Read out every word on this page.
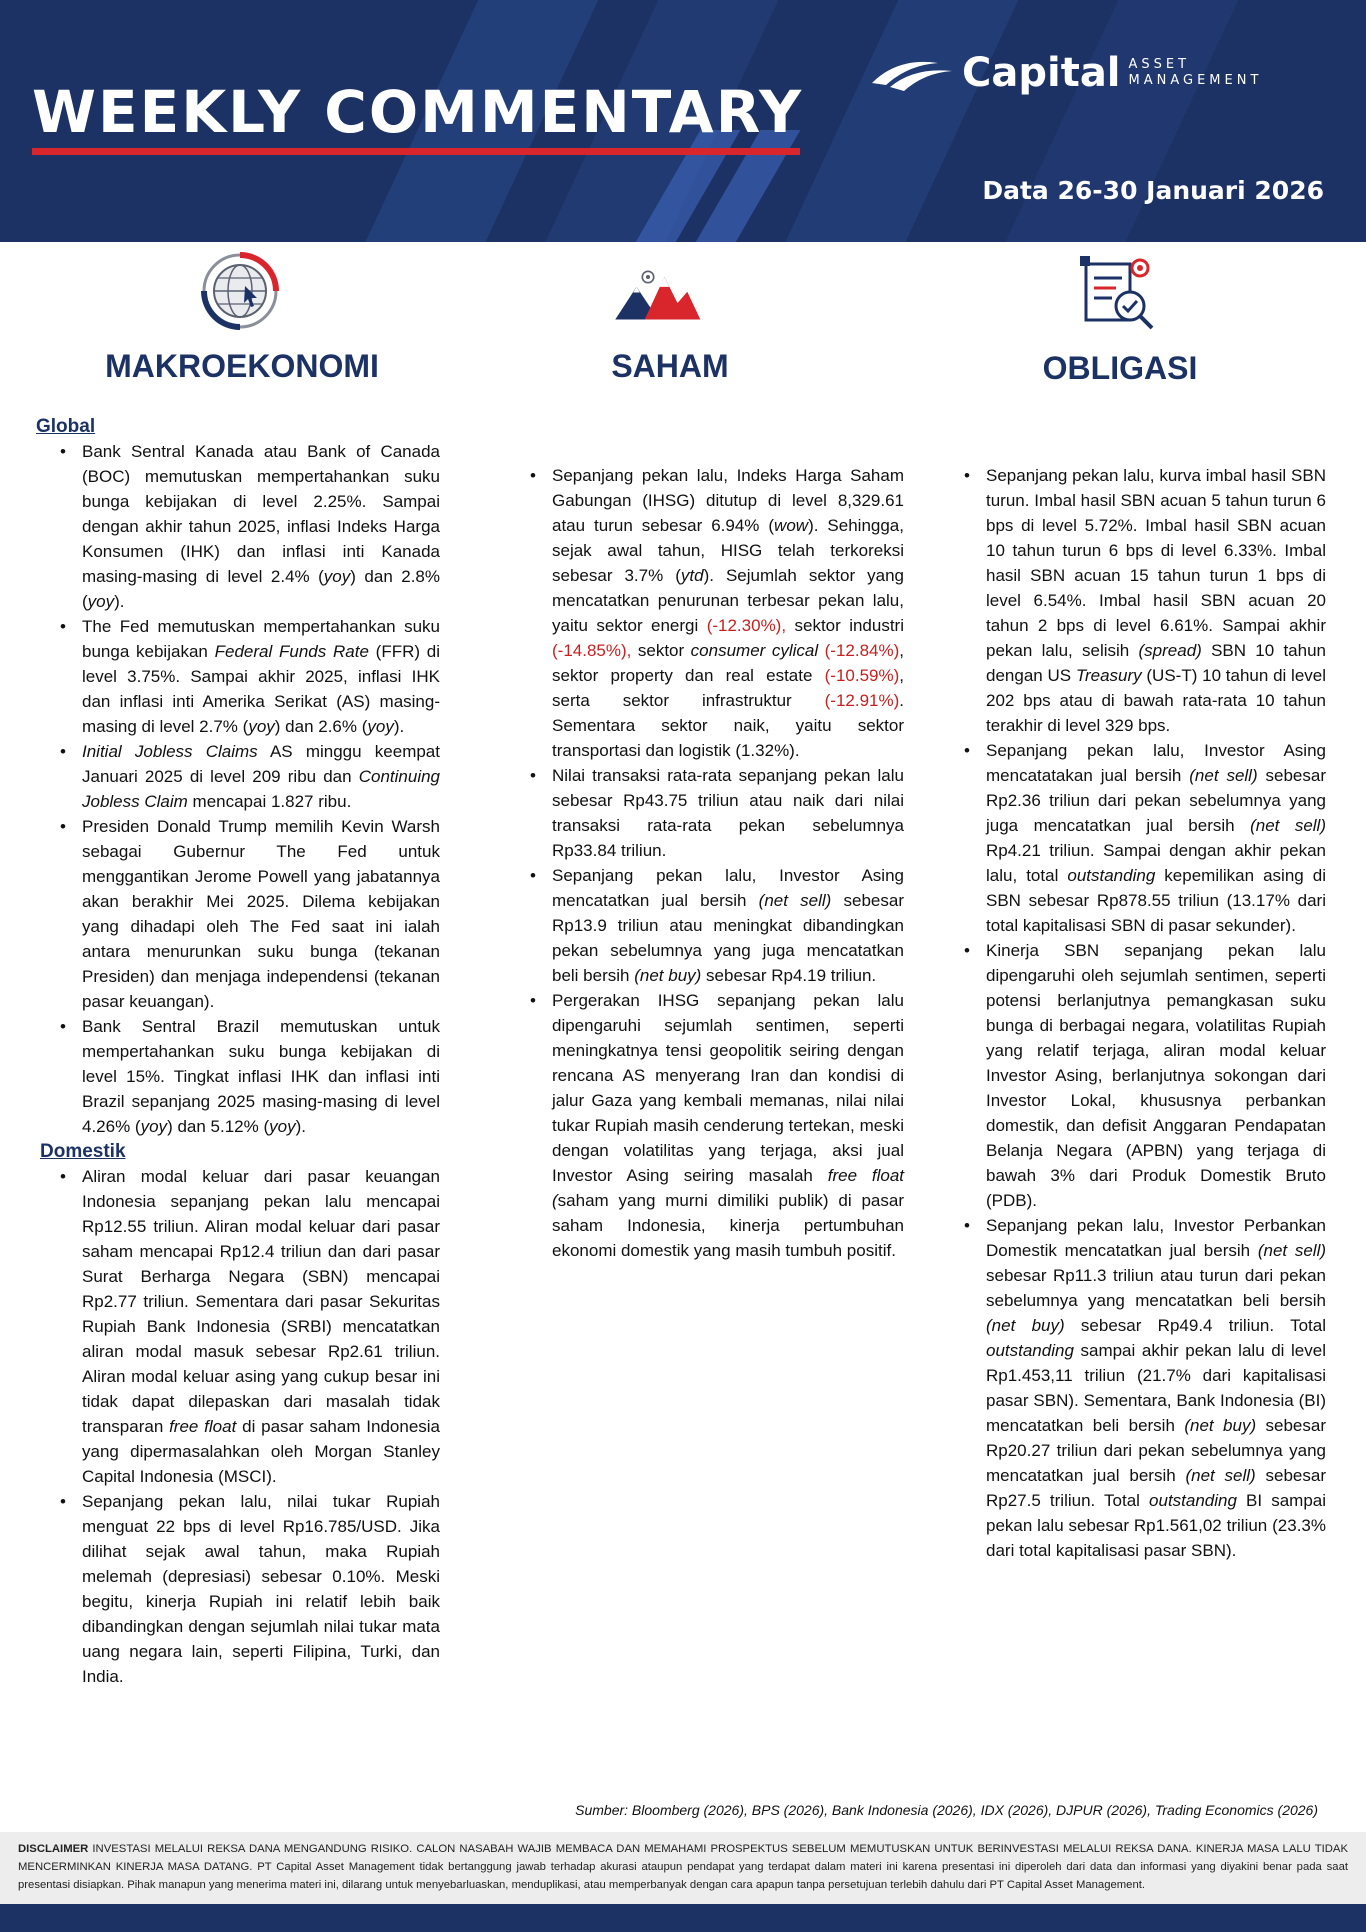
WEEKLY COMMENTARY
Capital ASSET
MANAGEMENT
Data 26-30 Januari 2026
MAKROEKONOMI	SAHAM	OBLIGASI
Global
• Bank Sentral Kanada atau Bank of Canada (BOC) memutuskan mempertahankan suku bunga kebijakan di level 2.25%. Sampai dengan akhir tahun 2025, inflasi Indeks Harga Konsumen (IHK) dan inflasi inti Kanada masing-masing di level 2.4% (yoy) dan 2.8% (yoy).
• The Fed memutuskan mempertahankan suku bunga kebijakan Federal Funds Rate (FFR) di level 3.75%. Sampai akhir 2025, inflasi IHK dan inflasi inti Amerika Serikat (AS) masing-masing di level 2.7% (yoy) dan 2.6% (yoy).
• Initial Jobless Claims AS minggu keempat Januari 2025 di level 209 ribu dan Continuing Jobless Claim mencapai 1.827 ribu.
• Presiden Donald Trump memilih Kevin Warsh sebagai Gubernur The Fed untuk menggantikan Jerome Powell yang jabatannya akan berakhir Mei 2025. Dilema kebijakan yang dihadapi oleh The Fed saat ini ialah antara menurunkan suku bunga (tekanan Presiden) dan menjaga independensi (tekanan pasar keuangan).
• Bank Sentral Brazil memutuskan untuk mempertahankan suku bunga kebijakan di level 15%. Tingkat inflasi IHK dan inflasi inti Brazil sepanjang 2025 masing-masing di level 4.26% (yoy) dan 5.12% (yoy).
Domestik
• Aliran modal keluar dari pasar keuangan Indonesia sepanjang pekan lalu mencapai Rp12.55 triliun. Aliran modal keluar dari pasar saham mencapai Rp12.4 triliun dan dari pasar Surat Berharga Negara (SBN) mencapai Rp2.77 triliun. Sementara dari pasar Sekuritas Rupiah Bank Indonesia (SRBI) mencatatkan aliran modal masuk sebesar Rp2.61 triliun. Aliran modal keluar asing yang cukup besar ini tidak dapat dilepaskan dari masalah tidak transparan free float di pasar saham Indonesia yang dipermasalahkan oleh Morgan Stanley Capital Indonesia (MSCI).
• Sepanjang pekan lalu, nilai tukar Rupiah menguat 22 bps di level Rp16.785/USD. Jika dilihat sejak awal tahun, maka Rupiah melemah (depresiasi) sebesar 0.10%. Meski begitu, kinerja Rupiah ini relatif lebih baik dibandingkan dengan sejumlah nilai tukar mata uang negara lain, seperti Filipina, Turki, dan India.
• Sepanjang pekan lalu, Indeks Harga Saham Gabungan (IHSG) ditutup di level 8,329.61 atau turun sebesar 6.94% (wow). Sehingga, sejak awal tahun, HISG telah terkoreksi sebesar 3.7% (ytd). Sejumlah sektor yang mencatatkan penurunan terbesar pekan lalu, yaitu sektor energi (-12.30%), sektor industri (-14.85%), sektor consumer cylical (-12.84%), sektor property dan real estate (-10.59%), serta sektor infrastruktur (-12.91%). Sementara sektor naik, yaitu sektor transportasi dan logistik (1.32%).
• Nilai transaksi rata-rata sepanjang pekan lalu sebesar Rp43.75 triliun atau naik dari nilai transaksi rata-rata pekan sebelumnya Rp33.84 triliun.
• Sepanjang pekan lalu, Investor Asing mencatatkan jual bersih (net sell) sebesar Rp13.9 triliun atau meningkat dibandingkan pekan sebelumnya yang juga mencatatkan beli bersih (net buy) sebesar Rp4.19 triliun.
• Pergerakan IHSG sepanjang pekan lalu dipengaruhi sejumlah sentimen, seperti meningkatnya tensi geopolitik seiring dengan rencana AS menyerang Iran dan kondisi di jalur Gaza yang kembali memanas, nilai nilai tukar Rupiah masih cenderung tertekan, meski dengan volatilitas yang terjaga, aksi jual Investor Asing seiring masalah free float (saham yang murni dimiliki publik) di pasar saham Indonesia, kinerja pertumbuhan ekonomi domestik yang masih tumbuh positif.
• Sepanjang pekan lalu, kurva imbal hasil SBN turun. Imbal hasil SBN acuan 5 tahun turun 6 bps di level 5.72%. Imbal hasil SBN acuan 10 tahun turun 6 bps di level 6.33%. Imbal hasil SBN acuan 15 tahun turun 1 bps di level 6.54%. Imbal hasil SBN acuan 20 tahun 2 bps di level 6.61%. Sampai akhir pekan lalu, selisih (spread) SBN 10 tahun dengan US Treasury (US-T) 10 tahun di level 202 bps atau di bawah rata-rata 10 tahun terakhir di level 329 bps.
• Sepanjang pekan lalu, Investor Asing mencatatakan jual bersih (net sell) sebesar Rp2.36 triliun dari pekan sebelumnya yang juga mencatatkan jual bersih (net sell) Rp4.21 triliun. Sampai dengan akhir pekan lalu, total outstanding kepemilikan asing di SBN sebesar Rp878.55 triliun (13.17% dari total kapitalisasi SBN di pasar sekunder).
• Kinerja SBN sepanjang pekan lalu dipengaruhi oleh sejumlah sentimen, seperti potensi berlanjutnya pemangkasan suku bunga di berbagai negara, volatilitas Rupiah yang relatif terjaga, aliran modal keluar Investor Asing, berlanjutnya sokongan dari Investor Lokal, khususnya perbankan domestik, dan defisit Anggaran Pendapatan Belanja Negara (APBN) yang terjaga di bawah 3% dari Produk Domestik Bruto (PDB).
• Sepanjang pekan lalu, Investor Perbankan Domestik mencatatkan jual bersih (net sell) sebesar Rp11.3 triliun atau turun dari pekan sebelumnya yang mencatatkan beli bersih (net buy) sebesar Rp49.4 triliun. Total outstanding sampai akhir pekan lalu di level Rp1.453,11 triliun (21.7% dari kapitalisasi pasar SBN). Sementara, Bank Indonesia (BI) mencatatkan beli bersih (net buy) sebesar Rp20.27 triliun dari pekan sebelumnya yang mencatatkan jual bersih (net sell) sebesar Rp27.5 triliun. Total outstanding BI sampai pekan lalu sebesar Rp1.561,02 triliun (23.3% dari total kapitalisasi pasar SBN).
Sumber: Bloomberg (2026), BPS (2026), Bank Indonesia (2026), IDX (2026), DJPUR (2026), Trading Economics (2026)
DISCLAIMER INVESTASI MELALUI REKSA DANA MENGANDUNG RISIKO. CALON NASABAH WAJIB MEMBACA DAN MEMAHAMI PROSPEKTUS SEBELUM MEMUTUSKAN UNTUK BERINVESTASI MELALUI REKSA DANA. KINERJA MASA LALU TIDAK MENCERMINKAN KINERJA MASA DATANG. PT Capital Asset Management tidak bertanggung jawab terhadap akurasi ataupun pendapat yang terdapat dalam materi ini karena presentasi ini diperoleh dari data dan informasi yang diyakini benar pada saat presentasi disiapkan. Pihak manapun yang menerima materi ini, dilarang untuk menyebarluaskan, menduplikasi, atau memperbanyak dengan cara apapun tanpa persetujuan terlebih dahulu dari PT Capital Asset Management.
